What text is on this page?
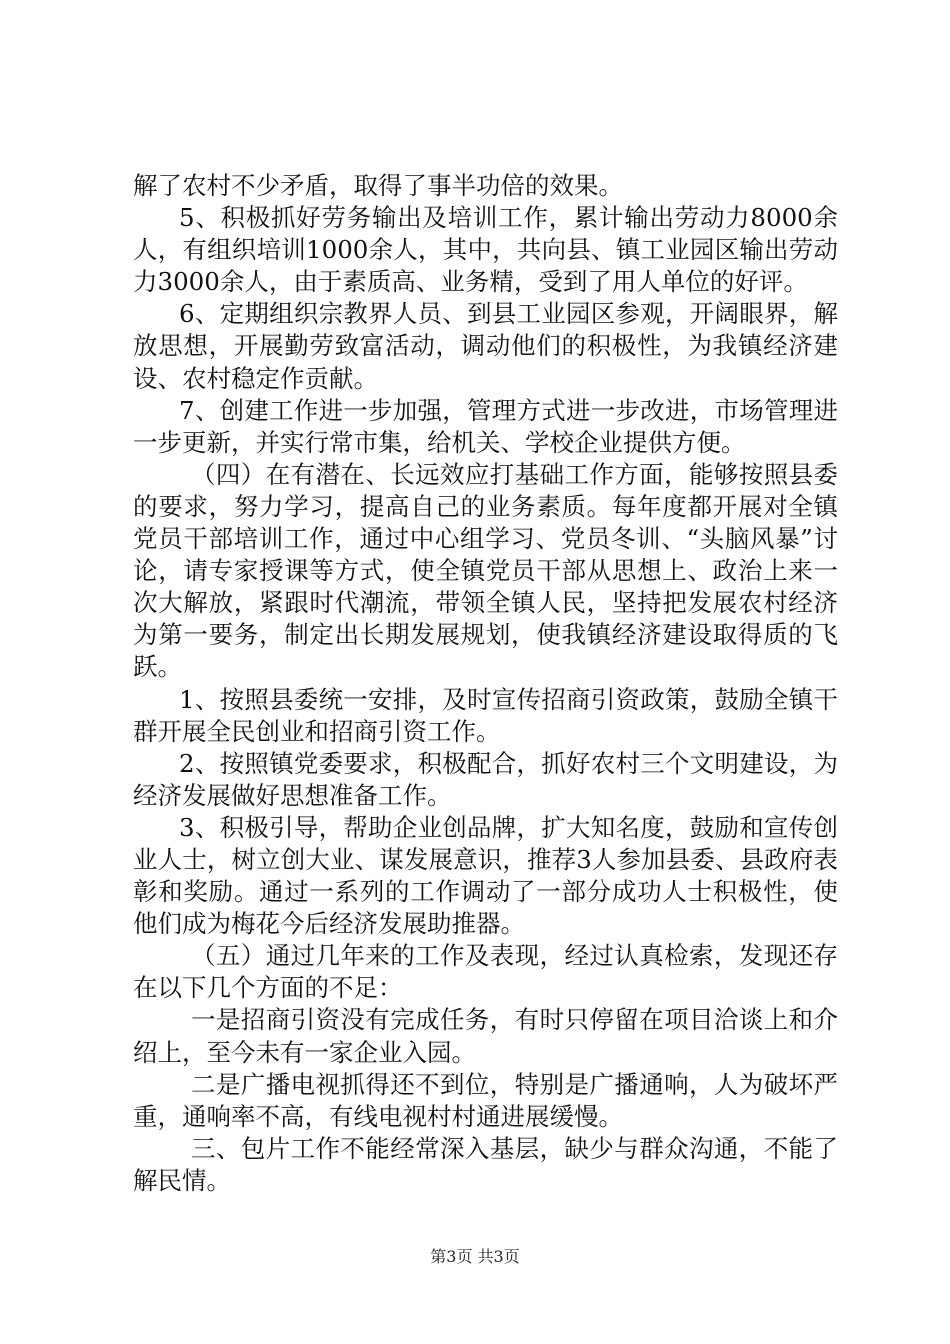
解了农村不少矛盾，取得了事半功倍的效果。

5、积极抓好劳务输出及培训工作，累计输出劳动力8000余人，有组织培训1000余人，其中，共向县、镇工业园区输出劳动力3000余人，由于素质高、业务精，受到了用人单位的好评。

6、定期组织宗教界人员、到县工业园区参观，开阔眼界，解放思想，开展勤劳致富活动，调动他们的积极性，为我镇经济建设、农村稳定作贡献。

7、创建工作进一步加强，管理方式进一步改进，市场管理进一步更新，并实行常市集，给机关、学校企业提供方便。

（四）在有潜在、长远效应打基础工作方面，能够按照县委的要求，努力学习，提高自己的业务素质。每年度都开展对全镇党员干部培训工作，通过中心组学习、党员冬训、“头脑风暴”讨论，请专家授课等方式，使全镇党员干部从思想上、政治上来一次大解放，紧跟时代潮流，带领全镇人民，坚持把发展农村经济为第一要务，制定出长期发展规划，使我镇经济建设取得质的飞跃。

1、按照县委统一安排，及时宣传招商引资政策，鼓励全镇干群开展全民创业和招商引资工作。

2、按照镇党委要求，积极配合，抓好农村三个文明建设，为经济发展做好思想准备工作。

3、积极引导，帮助企业创品牌，扩大知名度，鼓励和宣传创业人士，树立创大业、谋发展意识，推荐3人参加县委、县政府表彰和奖励。通过一系列的工作调动了一部分成功人士积极性，使他们成为梅花今后经济发展助推器。

（五）通过几年来的工作及表现，经过认真检索，发现还存在以下几个方面的不足：

一是招商引资没有完成任务，有时只停留在项目洽谈上和介绍上，至今未有一家企业入园。

二是广播电视抓得还不到位，特别是广播通响，人为破坏严重，通响率不高，有线电视村村通进展缓慢。

三、包片工作不能经常深入基层，缺少与群众沟通，不能了解民情。

第3页 共3页
